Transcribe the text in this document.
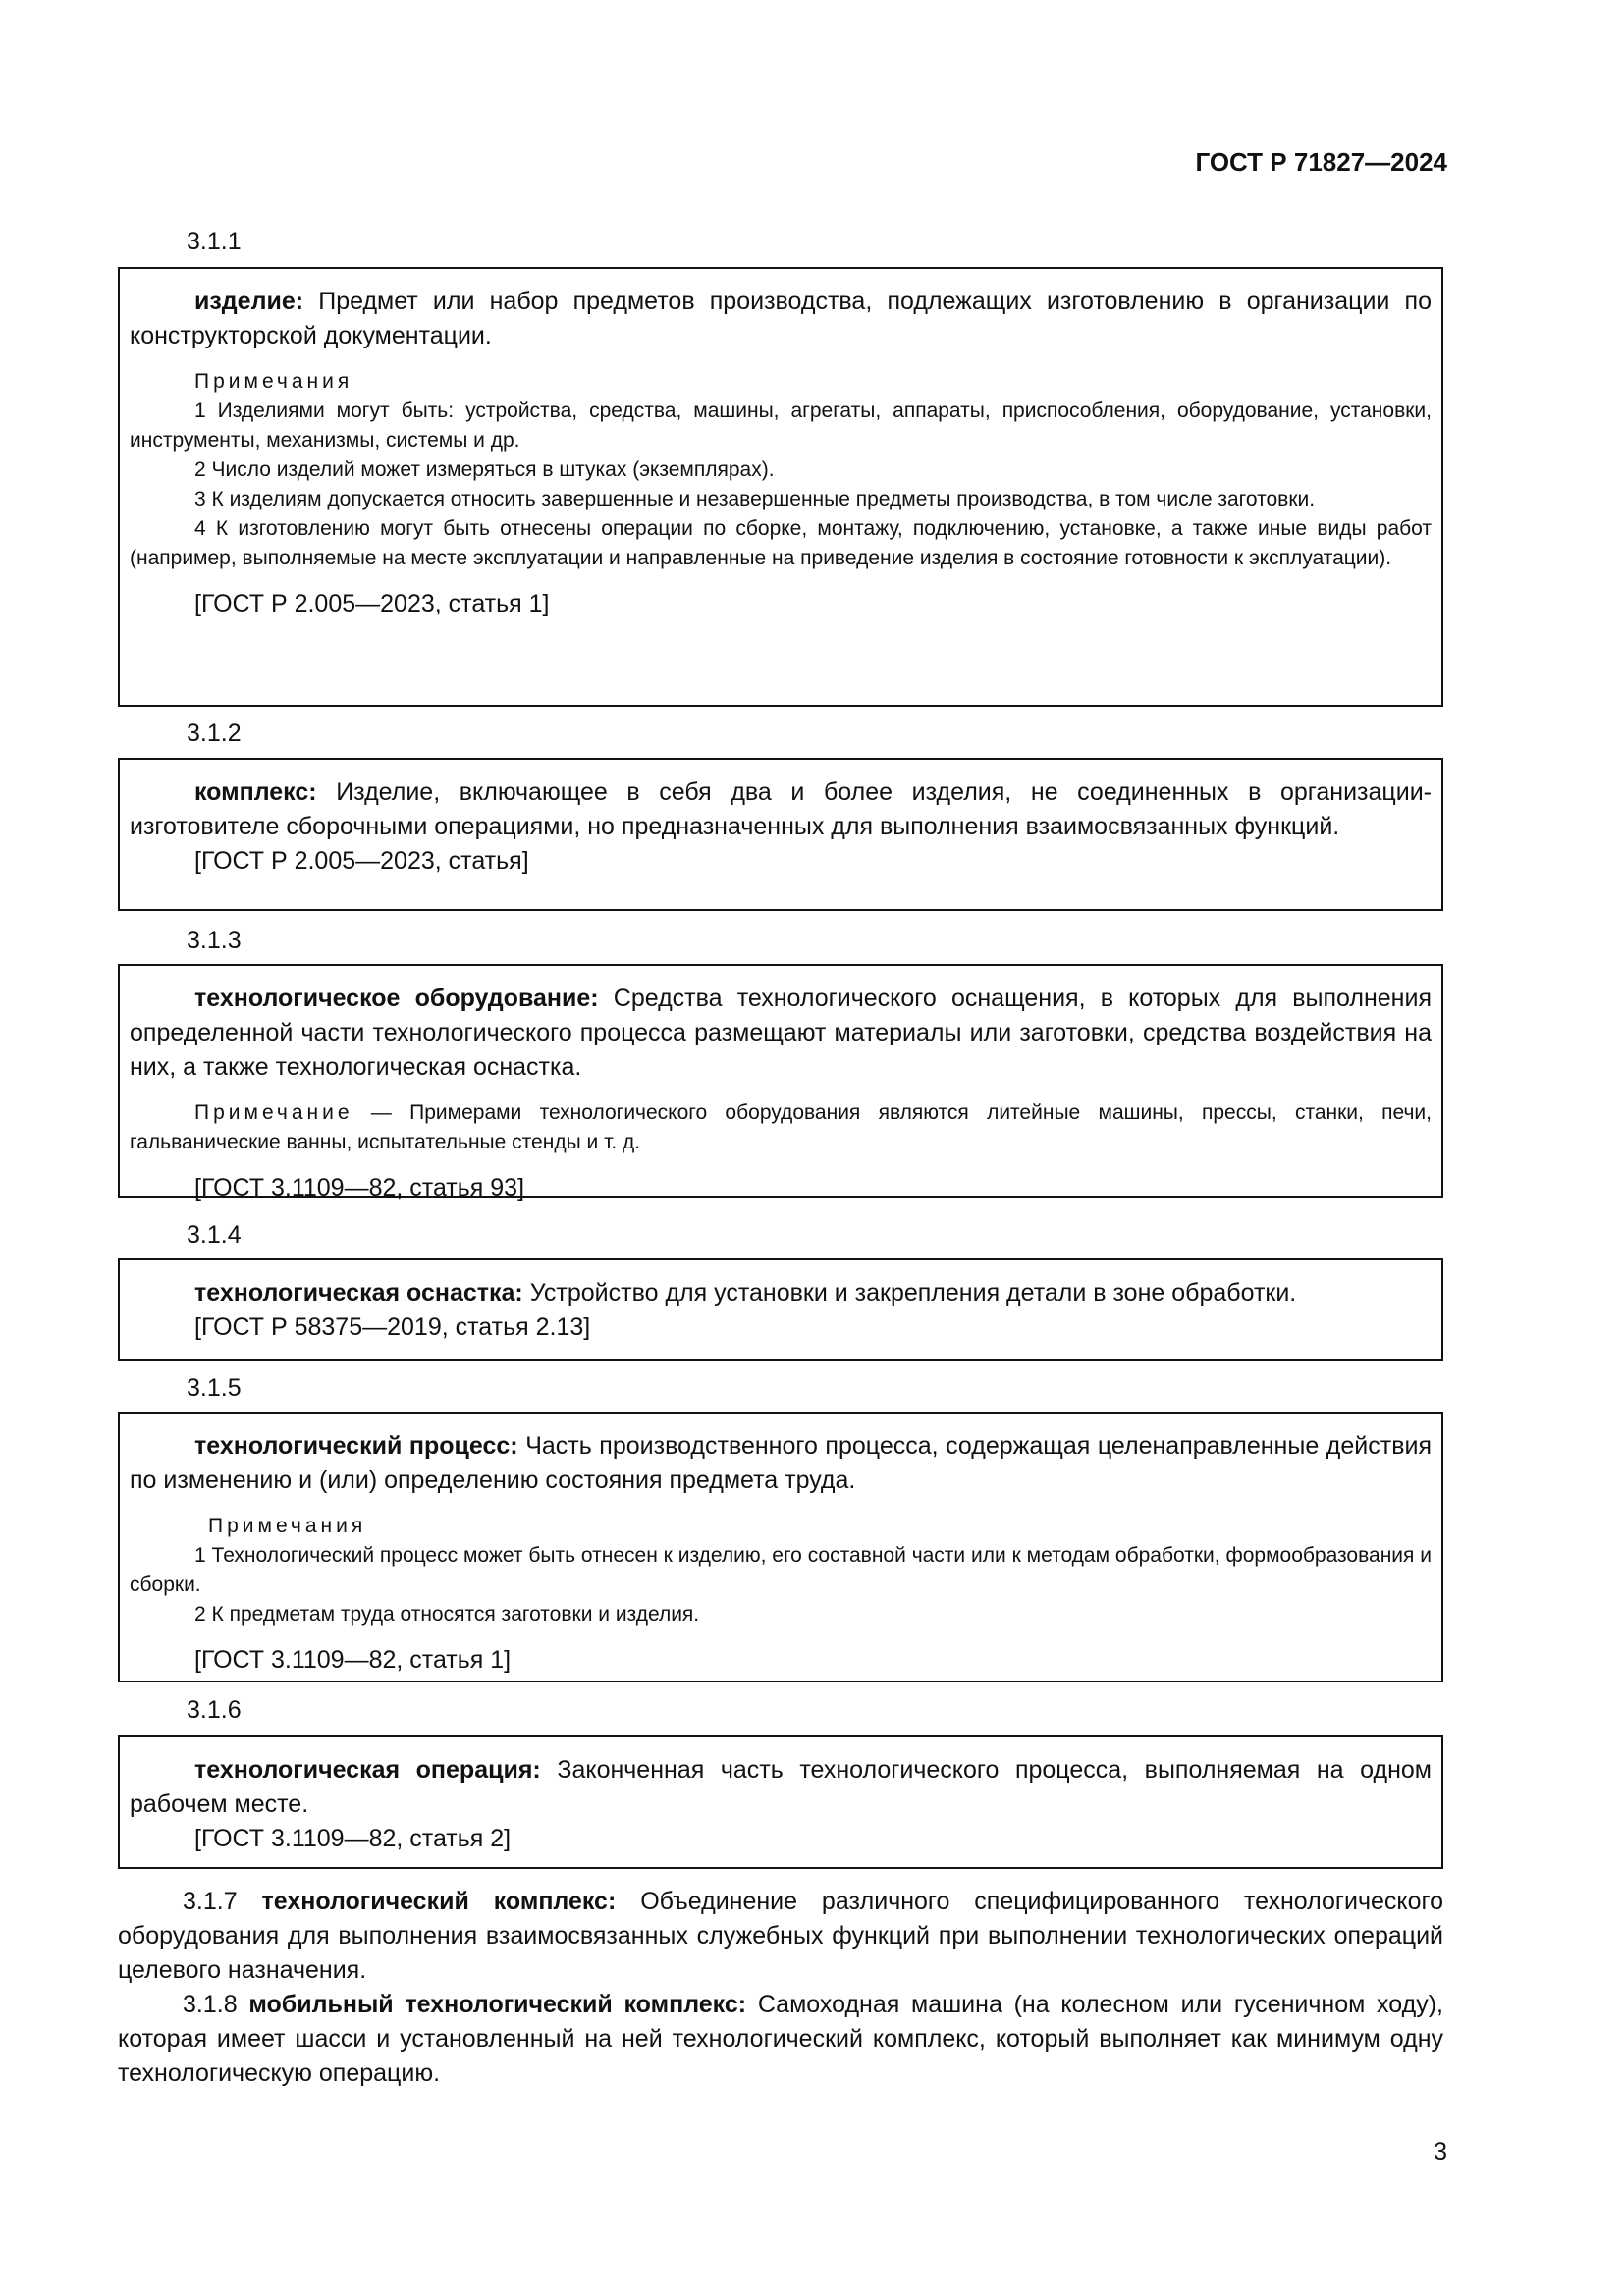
ГОСТ Р 71827—2024
3.1.1

изделие: Предмет или набор предметов производства, подлежащих изготовлению в организации по конструкторской документации.

Примечания

1 Изделиями могут быть: устройства, средства, машины, агрегаты, аппараты, приспособления, оборудование, установки, инструменты, механизмы, системы и др.

2 Число изделий может измеряться в штуках (экземплярах).

3 К изделиям допускается относить завершенные и незавершенные предметы производства, в том числе заготовки.

4 К изготовлению могут быть отнесены операции по сборке, монтажу, подключению, установке, а также иные виды работ (например, выполняемые на месте эксплуатации и направленные на приведение изделия в состояние готовности к эксплуатации).

[ГОСТ Р 2.005—2023, статья 1]
3.1.2

комплекс: Изделие, включающее в себя два и более изделия, не соединенных в организации-изготовителе сборочными операциями, но предназначенных для выполнения взаимосвязанных функций.

[ГОСТ Р 2.005—2023, статья]
3.1.3

технологическое оборудование: Средства технологического оснащения, в которых для выполнения определенной части технологического процесса размещают материалы или заготовки, средства воздействия на них, а также технологическая оснастка.

Примечание — Примерами технологического оборудования являются литейные машины, прессы, станки, печи, гальванические ванны, испытательные стенды и т. д.

[ГОСТ 3.1109—82, статья 93]
3.1.4

технологическая оснастка: Устройство для установки и закрепления детали в зоне обработки.

[ГОСТ Р 58375—2019, статья 2.13]
3.1.5

технологический процесс: Часть производственного процесса, содержащая целенаправленные действия по изменению и (или) определению состояния предмета труда.

Примечания

1 Технологический процесс может быть отнесен к изделию, его составной части или к методам обработки, формообразования и сборки.

2 К предметам труда относятся заготовки и изделия.

[ГОСТ 3.1109—82, статья 1]
3.1.6

технологическая операция: Законченная часть технологического процесса, выполняемая на одном рабочем месте.

[ГОСТ 3.1109—82, статья 2]

3.1.7 технологический комплекс: Объединение различного специфицированного технологического оборудования для выполнения взаимосвязанных служебных функций при выполнении технологических операций целевого назначения.

3.1.8 мобильный технологический комплекс: Самоходная машина (на колесном или гусеничном ходу), которая имеет шасси и установленный на ней технологический комплекс, который выполняет как минимум одну технологическую операцию.

3
